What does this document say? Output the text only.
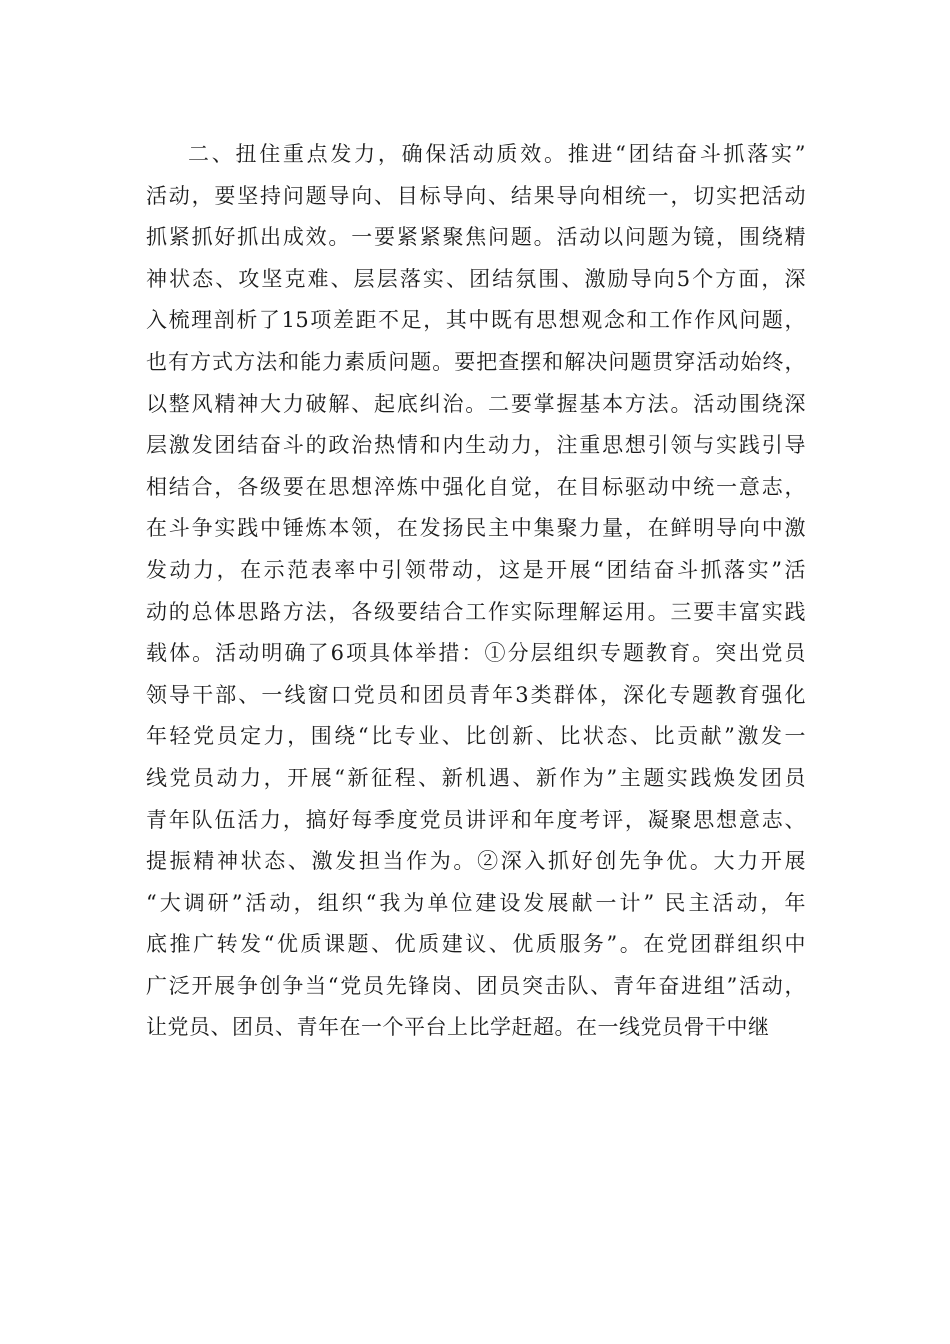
二、扭住重点发力，确保活动质效。推进“团结奋斗抓落实”
活动，要坚持问题导向、目标导向、结果导向相统一，切实把活动
抓紧抓好抓出成效。一要紧紧聚焦问题。活动以问题为镜，围绕精
神状态、攻坚克难、层层落实、团结氛围、激励导向5个方面，深
入梳理剖析了15项差距不足，其中既有思想观念和工作作风问题，
也有方式方法和能力素质问题。要把查摆和解决问题贯穿活动始终，
以整风精神大力破解、起底纠治。二要掌握基本方法。活动围绕深
层激发团结奋斗的政治热情和内生动力，注重思想引领与实践引导
相结合，各级要在思想淬炼中强化自觉，在目标驱动中统一意志，
在斗争实践中锤炼本领，在发扬民主中集聚力量，在鲜明导向中激
发动力，在示范表率中引领带动，这是开展“团结奋斗抓落实”活
动的总体思路方法，各级要结合工作实际理解运用。三要丰富实践
载体。活动明确了6项具体举措：①分层组织专题教育。突出党员
领导干部、一线窗口党员和团员青年3类群体，深化专题教育强化
年轻党员定力，围绕“比专业、比创新、比状态、比贡献”激发一
线党员动力，开展“新征程、新机遇、新作为”主题实践焕发团员
青年队伍活力，搞好每季度党员讲评和年度考评，凝聚思想意志、
提振精神状态、激发担当作为。②深入抓好创先争优。大力开展
“大调研”活动，组织“我为单位建设发展献一计” 民主活动，年
底推广转发“优质课题、优质建议、优质服务”。在党团群组织中
广泛开展争创争当“党员先锋岗、团员突击队、青年奋进组”活动，
让党员、团员、青年在一个平台上比学赶超。在一线党员骨干中继
